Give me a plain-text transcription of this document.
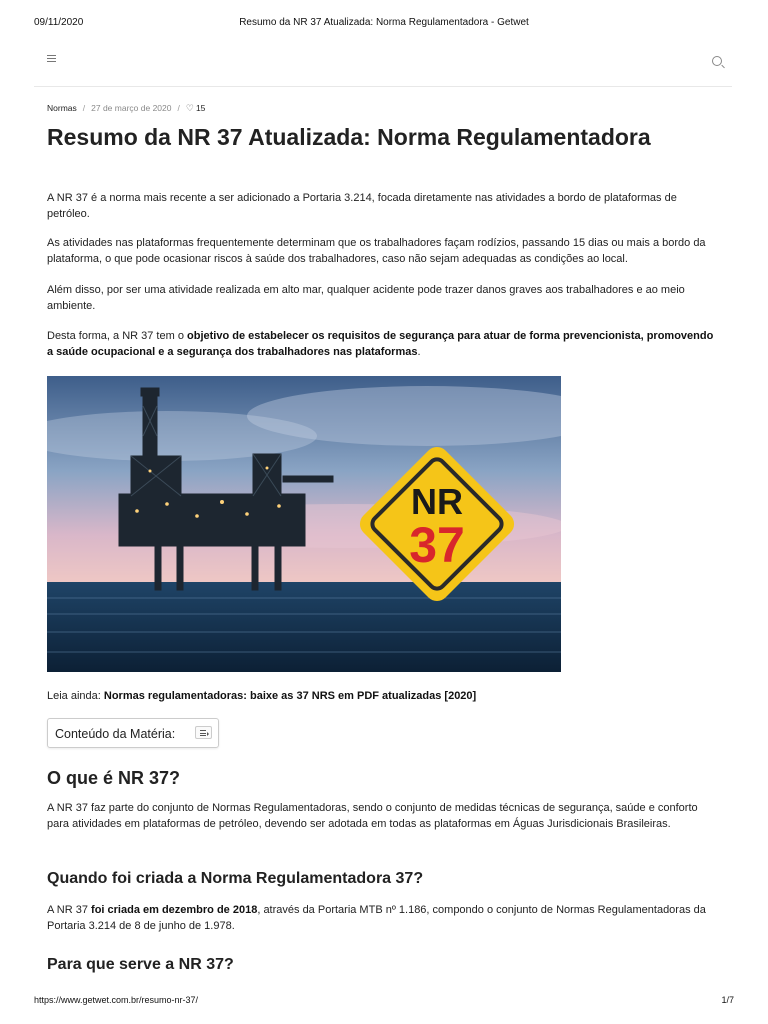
09/11/2020	Resumo da NR 37 Atualizada: Norma Regulamentadora - Getwet
Normas / 27 de março de 2020 / ♡ 15
Resumo da NR 37 Atualizada: Norma Regulamentadora

A NR 37 é a norma mais recente a ser adicionado a Portaria 3.214, focada diretamente nas atividades a bordo de plataformas de petróleo.

As atividades nas plataformas frequentemente determinam que os trabalhadores façam rodízios, passando 15 dias ou mais a bordo da plataforma, o que pode ocasionar riscos à saúde dos trabalhadores, caso não sejam adequadas as condições ao local.

Além disso, por ser uma atividade realizada em alto mar, qualquer acidente pode trazer danos graves aos trabalhadores e ao meio ambiente.

Desta forma, a NR 37 tem o objetivo de estabelecer os requisitos de segurança para atuar de forma prevencionista, promovendo a saúde ocupacional e a segurança dos trabalhadores nas plataformas.

NR
37

Leia ainda: Normas regulamentadoras: baixe as 37 NRS em PDF atualizadas [2020]

Conteúdo da Matéria:
O que é NR 37?

A NR 37 faz parte do conjunto de Normas Regulamentadoras, sendo o conjunto de medidas técnicas de segurança, saúde e conforto para atividades em plataformas de petróleo, devendo ser adotada em todas as plataformas em Águas Jurisdicionais Brasileiras.

Quando foi criada a Norma Regulamentadora 37?

A NR 37 foi criada em dezembro de 2018, através da Portaria MTB nº 1.186, compondo o conjunto de Normas Regulamentadoras da Portaria 3.214 de 8 de junho de 1.978.

Para que serve a NR 37?
https://www.getwet.com.br/resumo-nr-37/	1/7
